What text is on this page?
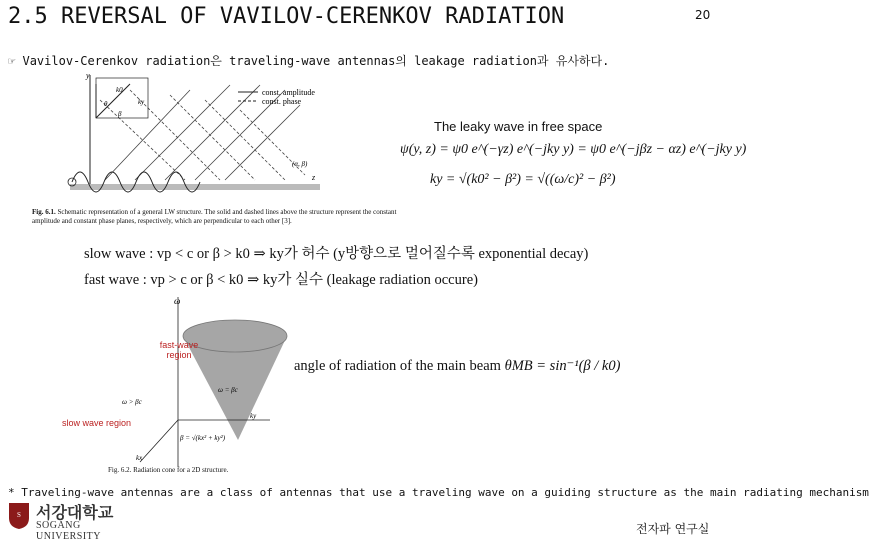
2.5 REVERSAL OF VAVILOV-CERENKOV RADIATION	20
☞ Vavilov-Cerenkov radiation은 traveling-wave antennas의 leakage radiation과 유사하다.
const. amplitude
const. phase
y
z
k0
ky
β
θ
(α, β)
Fig. 6.1. Schematic representation of a general LW structure. The solid and dashed lines above the structure represent the constant amplitude and constant phase planes, respectively, which are perpendicular to each other [3].
The leaky wave in free space
ψ(y, z) = ψ0 e^(−γz) e^(−jky y) = ψ0 e^(−jβz − αz) e^(−jky y)
ky = √(k0² − β²) = √((ω/c)² − β²)
slow wave : vp < c or β > k0 ⇒ ky가 허수 (y방향으로 멀어질수록 exponential decay)
fast wave : vp > c or β < k0 ⇒ ky가 실수 (leakage radiation occure)
ω
ky
kx
ω > βc
ω = βc
β = √(kx² + ky²)
fast-wave region
slow wave region
Fig. 6.2. Radiation cone for a 2D structure.
angle of radiation of the main beam θMB = sin⁻¹(β / k0)
* Traveling-wave antennas are a class of antennas that use a traveling wave on a guiding structure as the main radiating mechanism
S 서강대학교
SOGANG UNIVERSITY
전자파 연구실
